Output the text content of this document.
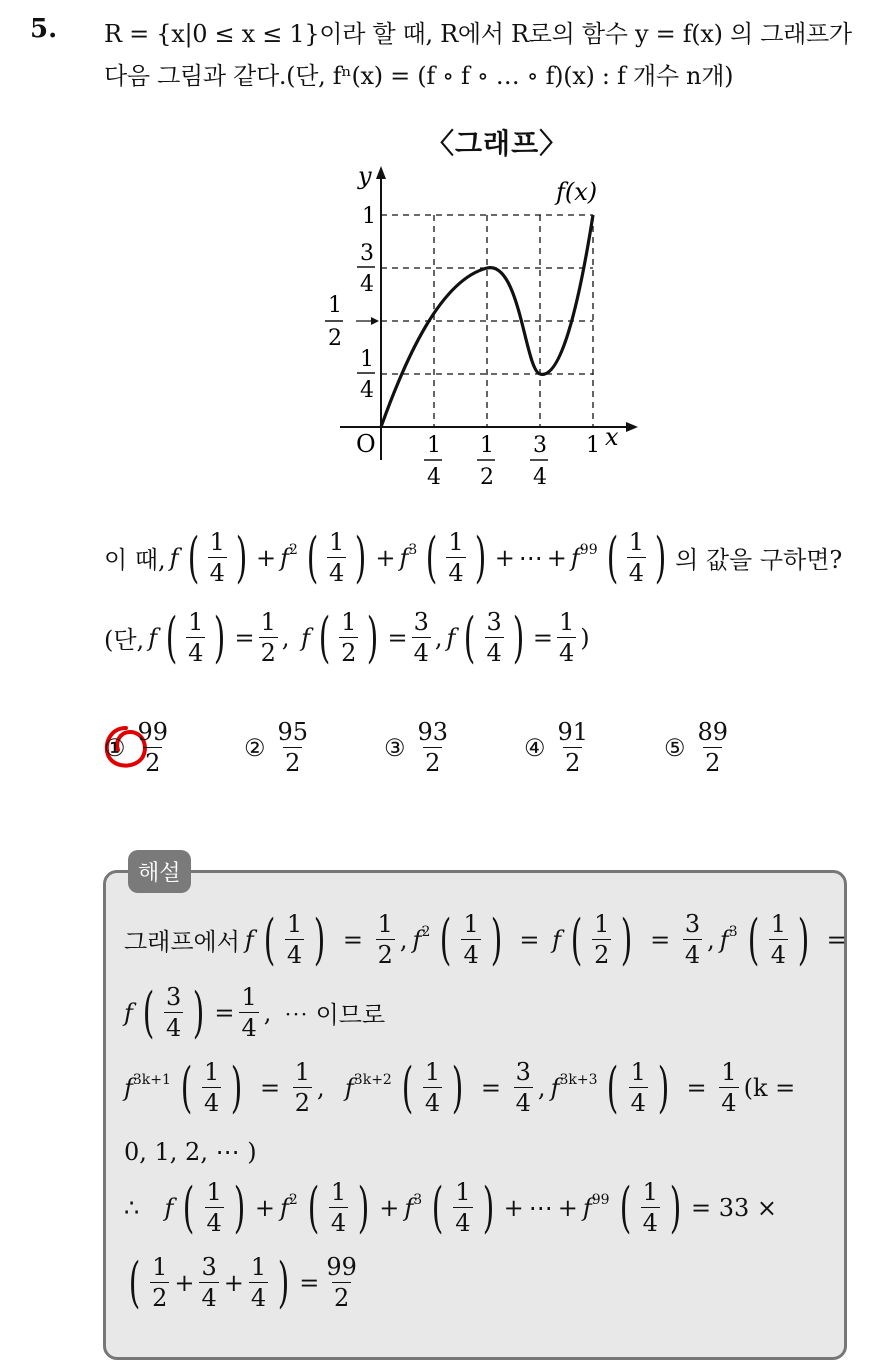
5. R = {x|0 ≤ x ≤ 1}이라 할 때, R에서 R로의 함수 y = f(x) 의 그래프가
다음 그림과 같다.(단, fⁿ(x) = (f ∘ f ∘ … ∘ f)(x) : f 개수 n개)
〈그래프〉
y
x
O
f(x)
1
3
4
1
2
1
4
1
4
1
2
3
4
1
이 때, f ( $\frac{1}{4}$ ) + $f^2$ ( $\frac{1}{4}$ ) + $f^3$ ( $\frac{1}{4}$ ) + ⋯ + $f^{99}$ ( $\frac{1}{4}$ ) 의 값을 구하면?
(단, f ( $\frac{1}{4}$ ) = $\frac{1}{2}$ , f ( $\frac{1}{2}$ ) = $\frac{3}{4}$ , f ( $\frac{3}{4}$ ) = $\frac{1}{4}$ )
① $\frac{99}{2}$	② $\frac{95}{2}$	③ $\frac{93}{2}$	④ $\frac{91}{2}$	⑤ $\frac{89}{2}$
해설
그래프에서 f ( $\frac{1}{4}$ ) = $\frac{1}{2}$ , $f^2$ ( $\frac{1}{4}$ ) = f ( $\frac{1}{2}$ ) = $\frac{3}{4}$ , $f^3$ ( $\frac{1}{4}$ ) =
f ( $\frac{3}{4}$ ) = $\frac{1}{4}$ , ⋯ 이므로
$f^{3k+1}$ ( $\frac{1}{4}$ ) = $\frac{1}{2}$ , $f^{3k+2}$ ( $\frac{1}{4}$ ) = $\frac{3}{4}$ , $f^{3k+3}$ ( $\frac{1}{4}$ ) = $\frac{1}{4} (k$ =
0, 1, 2, ⋯ )
∴
f ( $\frac{1}{4}$ ) + $f^2$ ( $\frac{1}{4}$ ) + $f^3$ ( $\frac{1}{4}$ ) + ⋯ + $f^{99}$ ( $\frac{1}{4}$ ) = 33 ×
( $\frac{1}{2} + \frac{3}{4} + \frac{1}{4}$ ) = $\frac{99}{2}$
